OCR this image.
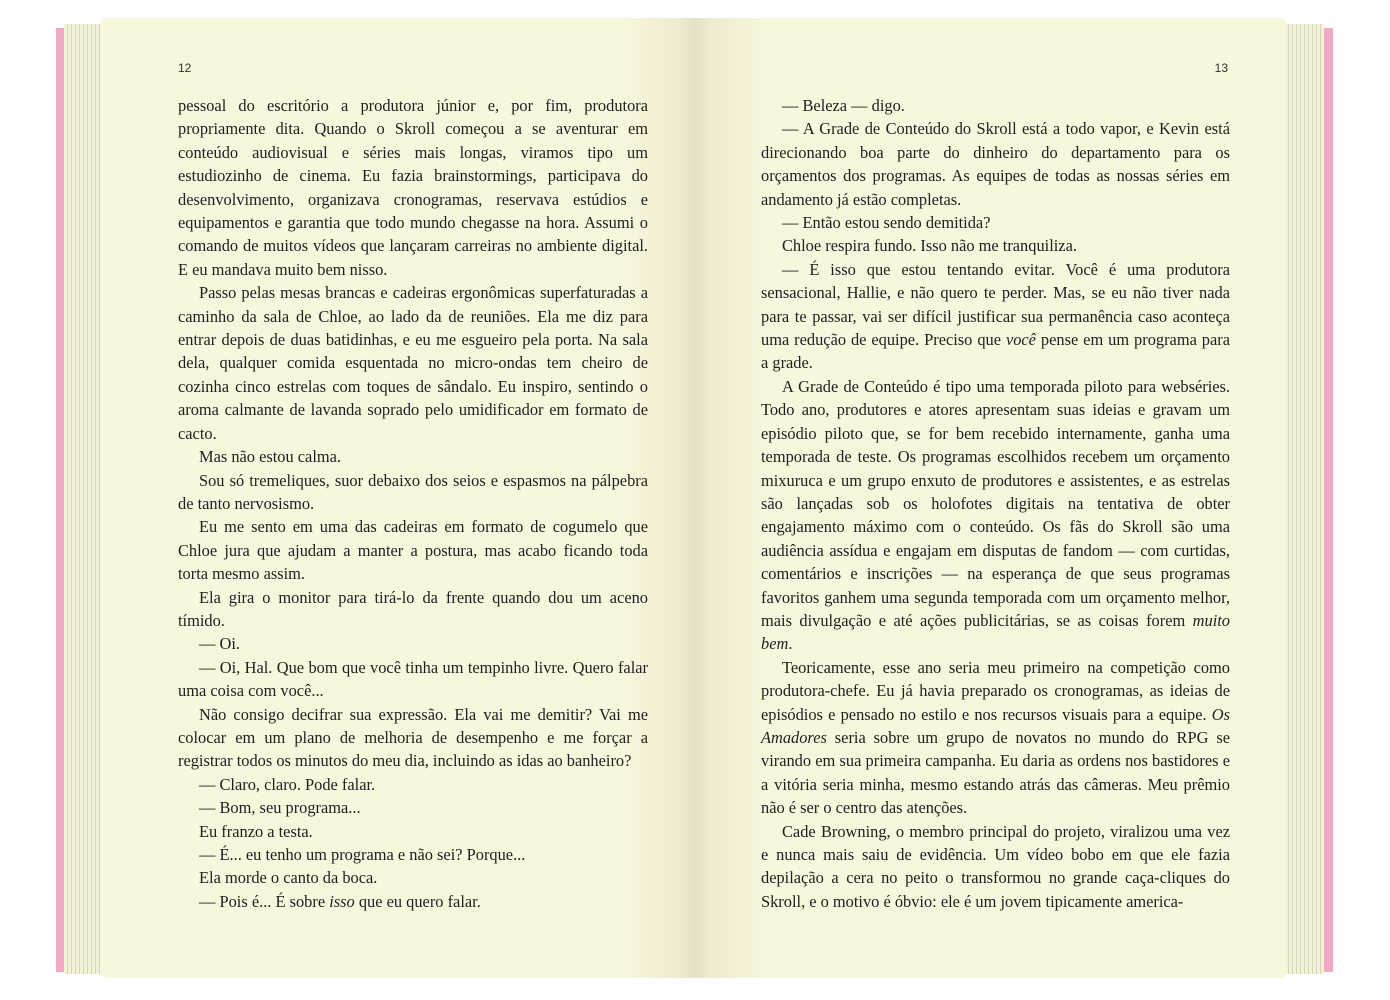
12

pessoal do escritório a produtora júnior e, por fim, produtora propriamente dita. Quando o Skroll começou a se aventurar em conteúdo audiovisual e séries mais longas, viramos tipo um estudiozinho de cinema. Eu fazia brainstormings, participava do desenvolvimento, organizava cronogramas, reservava estúdios e equipamentos e garantia que todo mundo chegasse na hora. Assumi o comando de muitos vídeos que lançaram carreiras no ambiente digital. E eu mandava muito bem nisso.

Passo pelas mesas brancas e cadeiras ergonômicas superfaturadas a caminho da sala de Chloe, ao lado da de reuniões. Ela me diz para entrar depois de duas batidinhas, e eu me esgueiro pela porta. Na sala dela, qualquer comida esquentada no micro-ondas tem cheiro de cozinha cinco estrelas com toques de sândalo. Eu inspiro, sentindo o aroma calmante de lavanda soprado pelo umidificador em formato de cacto.

Mas não estou calma.

Sou só tremeliques, suor debaixo dos seios e espasmos na pálpebra de tanto nervosismo.

Eu me sento em uma das cadeiras em formato de cogumelo que Chloe jura que ajudam a manter a postura, mas acabo ficando toda torta mesmo assim.

Ela gira o monitor para tirá-lo da frente quando dou um aceno tímido.

— Oi.

— Oi, Hal. Que bom que você tinha um tempinho livre. Quero falar uma coisa com você...

Não consigo decifrar sua expressão. Ela vai me demitir? Vai me colocar em um plano de melhoria de desempenho e me forçar a registrar todos os minutos do meu dia, incluindo as idas ao banheiro?

— Claro, claro. Pode falar.

— Bom, seu programa...

Eu franzo a testa.

— É... eu tenho um programa e não sei? Porque...

Ela morde o canto da boca.

— Pois é... É sobre isso que eu quero falar.

13

— Beleza — digo.

— A Grade de Conteúdo do Skroll está a todo vapor, e Kevin está direcionando boa parte do dinheiro do departamento para os orçamentos dos programas. As equipes de todas as nossas séries em andamento já estão completas.

— Então estou sendo demitida?

Chloe respira fundo. Isso não me tranquiliza.

— É isso que estou tentando evitar. Você é uma produtora sensacional, Hallie, e não quero te perder. Mas, se eu não tiver nada para te passar, vai ser difícil justificar sua permanência caso aconteça uma redução de equipe. Preciso que você pense em um programa para a grade.

A Grade de Conteúdo é tipo uma temporada piloto para webséries. Todo ano, produtores e atores apresentam suas ideias e gravam um episódio piloto que, se for bem recebido internamente, ganha uma temporada de teste. Os programas escolhidos recebem um orçamento mixuruca e um grupo enxuto de produtores e assistentes, e as estrelas são lançadas sob os holofotes digitais na tentativa de obter engajamento máximo com o conteúdo. Os fãs do Skroll são uma audiência assídua e engajam em disputas de fandom — com curtidas, comentários e inscrições — na esperança de que seus programas favoritos ganhem uma segunda temporada com um orçamento melhor, mais divulgação e até ações publicitárias, se as coisas forem muito bem.

Teoricamente, esse ano seria meu primeiro na competição como produtora-chefe. Eu já havia preparado os cronogramas, as ideias de episódios e pensado no estilo e nos recursos visuais para a equipe. Os Amadores seria sobre um grupo de novatos no mundo do RPG se virando em sua primeira campanha. Eu daria as ordens nos bastidores e a vitória seria minha, mesmo estando atrás das câmeras. Meu prêmio não é ser o centro das atenções.

Cade Browning, o membro principal do projeto, viralizou uma vez e nunca mais saiu de evidência. Um vídeo bobo em que ele fazia depilação a cera no peito o transformou no grande caça-cliques do Skroll, e o motivo é óbvio: ele é um jovem tipicamente america-
